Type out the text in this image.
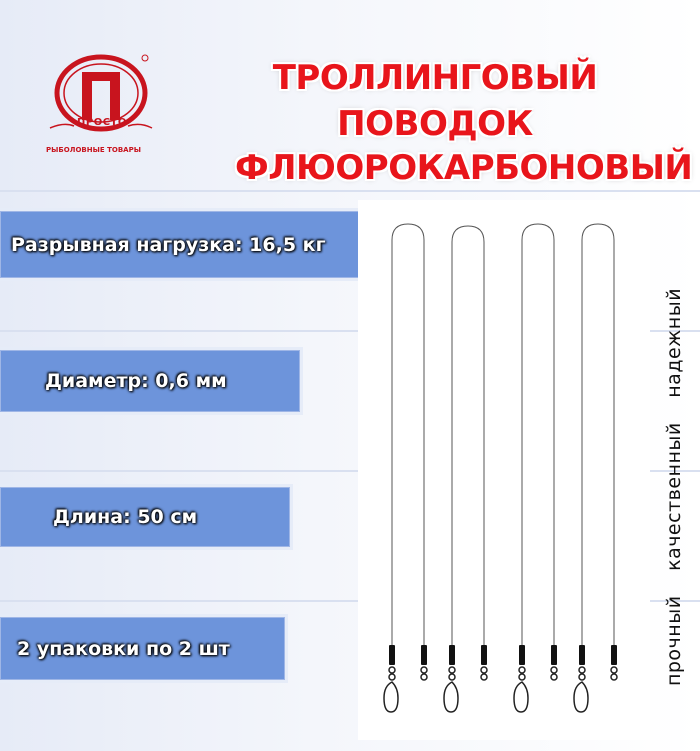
ПРОСТО
РЫБОЛОВНЫЕ ТОВАРЫ
ТРОЛЛИНГОВЫЙ
ПОВОДОК
ФЛЮОРОКАРБОНОВЫЙ
Разрывная нагрузка: 16,5 кг
Диаметр: 0,6 мм
Длина: 50 см
2 упаковки по 2 шт	прочный качественный надежный
